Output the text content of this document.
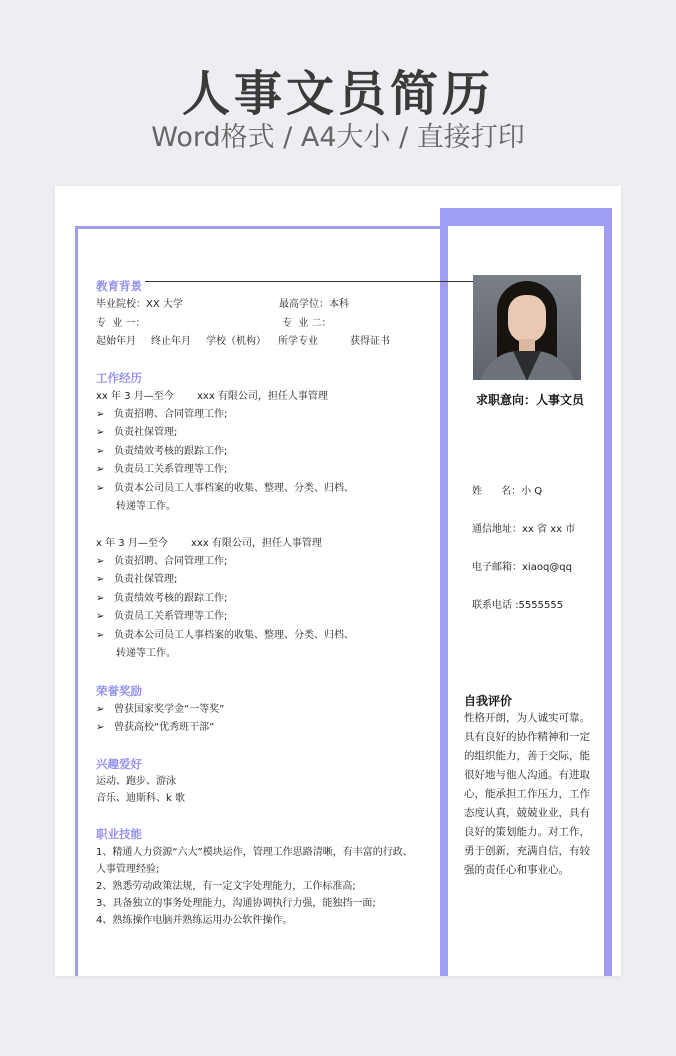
人事文员简历
Word格式 / A4大小 / 直接打印
教育背景
毕业院校：XX 大学	最高学位：本科
专  业 一：	专  业 二：
起始年月 终止年月 学校（机构） 所学专业	获得证书
工作经历
xx 年 3 月—至今 xxx 有限公司，担任人事管理
➢ 负责招聘、合同管理工作;
➢ 负责社保管理;
➢ 负责绩效考核的跟踪工作;
➢ 负责员工关系管理等工作;
➢ 负责本公司员工人事档案的收集、整理、分类、归档、
转递等工作。
x 年 3 月—至今 xxx 有限公司，担任人事管理
➢ 负责招聘、合同管理工作;
➢ 负责社保管理;
➢ 负责绩效考核的跟踪工作;
➢ 负责员工关系管理等工作;
➢ 负责本公司员工人事档案的收集、整理、分类、归档、
转递等工作。
荣誉奖励
➢ 曾获国家奖学金“一等奖”
➢ 曾获高校“优秀班干部”
兴趣爱好
运动、跑步、游泳
音乐、迪斯科、k 歌
职业技能
1、精通人力资源“六大”模块运作，管理工作思路清晰，有丰富的行政、
人事管理经验;
2、熟悉劳动政策法规，有一定文字处理能力，工作标准高;
3、具备独立的事务处理能力，沟通协调执行力强，能独挡一面;
4、熟练操作电脑并熟练运用办公软件操作。
求职意向：人事文员
姓      名：小 Q
通信地址：xx 省 xx 市
电子邮箱：xiaoq@qq
联系电话 :5555555
自我评价
性格开朗，为人诚实可靠。具有良好的协作精神和一定的组织能力，善于交际，能很好地与他人沟通。有进取心，能承担工作压力，工作态度认真，兢兢业业，具有良好的策划能力。对工作，勇于创新，充满自信，有较强的责任心和事业心。
